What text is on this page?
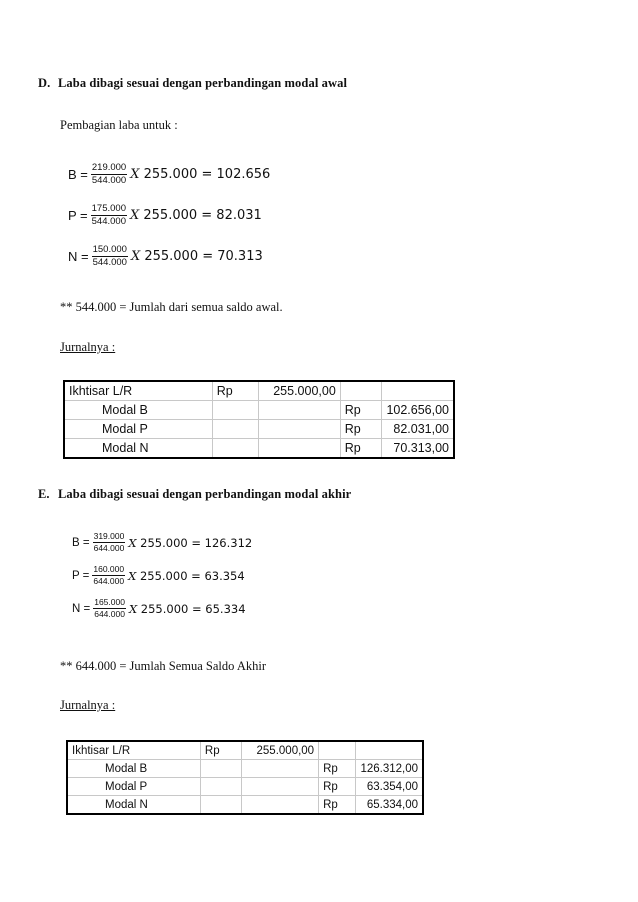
D. Laba dibagi sesuai dengan perbandingan modal awal
Pembagian laba untuk :
$B = \frac{219.000}{544.000}$ X 255.000 = 102.656
$P = \frac{175.000}{544.000}$ X 255.000 = 82.031
$N = \frac{150.000}{544.000}$ X 255.000 = 70.313
** 544.000 = Jumlah dari semua saldo awal.
Jurnalnya :
Ikhtisar L/R	Rp	255.000,00		
Modal B			Rp	102.656,00
Modal P			Rp	82.031,00
Modal N			Rp	70.313,00
E. Laba dibagi sesuai dengan perbandingan modal akhir
$B = \frac{319.000}{644.000}$ X 255.000 = 126.312
$P = \frac{160.000}{644.000}$ X 255.000 = 63.354
$N = \frac{165.000}{644.000}$ X 255.000 = 65.334
** 644.000 = Jumlah Semua Saldo Akhir
Jurnalnya :
Ikhtisar L/R	Rp	255.000,00		
Modal B			Rp	126.312,00
Modal P			Rp	63.354,00
Modal N			Rp	65.334,00
